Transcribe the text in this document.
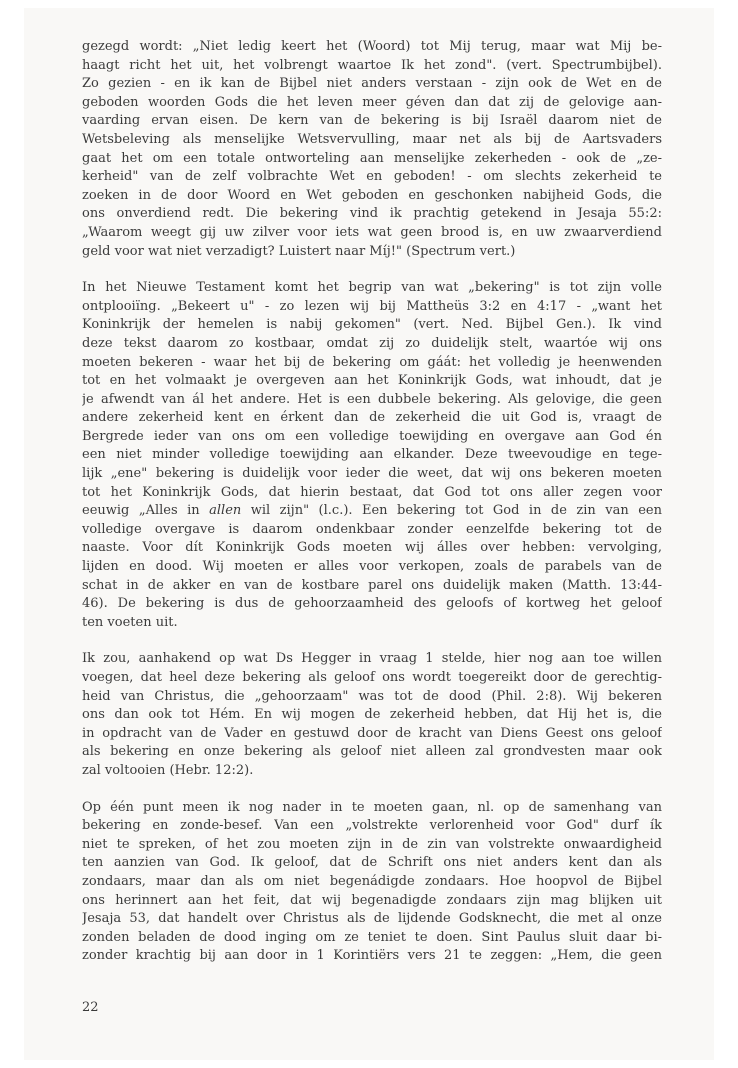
gezegd wordt: „Niet ledig keert het (Woord) tot Mij terug, maar wat Mij be-
haagt richt het uit, het volbrengt waartoe Ik het zond". (vert. Spectrumbijbel).
Zo gezien - en ik kan de Bijbel niet anders verstaan - zijn ook de Wet en de
geboden woorden Gods die het leven meer géven dan dat zij de gelovige aan-
vaarding ervan eisen. De kern van de bekering is bij Israël daarom niet de
Wetsbeleving als menselijke Wetsvervulling, maar net als bij de Aartsvaders
gaat het om een totale ontworteling aan menselijke zekerheden - ook de „ze-
kerheid" van de zelf volbrachte Wet en geboden! - om slechts zekerheid te
zoeken in de door Woord en Wet geboden en geschonken nabijheid Gods, die
ons onverdiend redt. Die bekering vind ik prachtig getekend in Jesaja 55:2:
„Waarom weegt gij uw zilver voor iets wat geen brood is, en uw zwaarverdiend
geld voor wat niet verzadigt? Luistert naar Míj!" (Spectrum vert.)
In het Nieuwe Testament komt het begrip van wat „bekering" is tot zijn volle
ontplooiïng. „Bekeert u" - zo lezen wij bij Mattheüs 3:2 en 4:17 - „want het
Koninkrijk der hemelen is nabij gekomen" (vert. Ned. Bijbel Gen.). Ik vind
deze tekst daarom zo kostbaar, omdat zij zo duidelijk stelt, waartóe wij ons
moeten bekeren - waar het bij de bekering om gáát: het volledig je heenwenden
tot en het volmaakt je overgeven aan het Koninkrijk Gods, wat inhoudt, dat je
je afwendt van ál het andere. Het is een dubbele bekering. Als gelovige, die geen
andere zekerheid kent en érkent dan de zekerheid die uit God is, vraagt de
Bergrede ieder van ons om een volledige toewijding en overgave aan God én
een niet minder volledige toewijding aan elkander. Deze tweevoudige en tege-
lijk „ene" bekering is duidelijk voor ieder die weet, dat wij ons bekeren moeten
tot het Koninkrijk Gods, dat hierin bestaat, dat God tot ons aller zegen voor
eeuwig „Alles in allen wil zijn" (l.c.). Een bekering tot God in de zin van een
volledige overgave is daarom ondenkbaar zonder eenzelfde bekering tot de
naaste. Voor dít Koninkrijk Gods moeten wij álles over hebben: vervolging,
lijden en dood. Wij moeten er alles voor verkopen, zoals de parabels van de
schat in de akker en van de kostbare parel ons duidelijk maken (Matth. 13:44-
46). De bekering is dus de gehoorzaamheid des geloofs of kortweg het geloof
ten voeten uit.
Ik zou, aanhakend op wat Ds Hegger in vraag 1 stelde, hier nog aan toe willen
voegen, dat heel deze bekering als geloof ons wordt toegereikt door de gerechtig-
heid van Christus, die „gehoorzaam" was tot de dood (Phil. 2:8). Wij bekeren
ons dan ook tot Hém. En wij mogen de zekerheid hebben, dat Hij het is, die
in opdracht van de Vader en gestuwd door de kracht van Diens Geest ons geloof
als bekering en onze bekering als geloof niet alleen zal grondvesten maar ook
zal voltooien (Hebr. 12:2).
Op één punt meen ik nog nader in te moeten gaan, nl. op de samenhang van
bekering en zonde-besef. Van een „volstrekte verlorenheid voor God" durf ík
niet te spreken, of het zou moeten zijn in de zin van volstrekte onwaardigheid
ten aanzien van God. Ik geloof, dat de Schrift ons niet anders kent dan als
zondaars, maar dan als om niet begenádigde zondaars. Hoe hoopvol de Bijbel
ons herinnert aan het feit, dat wij begenadigde zondaars zijn mag blijken uit
Jesaja 53, dat handelt over Christus als de lijdende Godsknecht, die met al onze
zonden beladen de dood inging om ze teniet te doen. Sint Paulus sluit daar bi-
zonder krachtig bij aan door in 1 Korintiërs vers 21 te zeggen: „Hem, die geen
22
